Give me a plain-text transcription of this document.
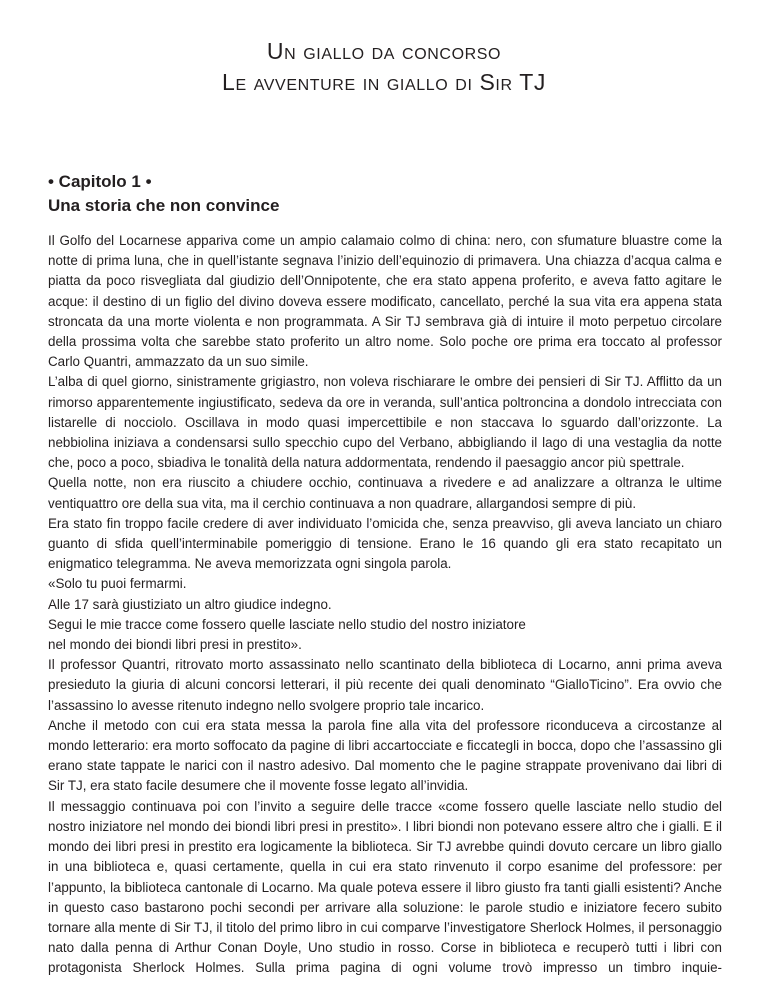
Un giallo da concorso
Le avventure in giallo di Sir TJ
• Capitolo 1 •
Una storia che non convince

Il Golfo del Locarnese appariva come un ampio calamaio colmo di china: nero, con sfumature bluastre come la notte di prima luna, che in quell’istante segnava l’inizio dell’equinozio di primavera. Una chiazza d’acqua calma e piatta da poco risvegliata dal giudizio dell’Onnipotente, che era stato appena proferito, e aveva fatto agitare le acque: il destino di un figlio del divino doveva essere modificato, cancellato, perché la sua vita era appena stata stroncata da una morte violenta e non programmata. A Sir TJ sembrava già di intuire il moto perpetuo circolare della prossima volta che sarebbe stato proferito un altro nome. Solo poche ore prima era toccato al professor Carlo Quantri, ammazzato da un suo simile.

L’alba di quel giorno, sinistramente grigiastro, non voleva rischiarare le ombre dei pensieri di Sir TJ. Afflitto da un rimorso apparentemente ingiustificato, sedeva da ore in veranda, sull’antica poltroncina a dondolo intrecciata con listarelle di nocciolo. Oscillava in modo quasi impercettibile e non staccava lo sguardo dall’orizzonte. La nebbiolina iniziava a condensarsi sullo specchio cupo del Verbano, abbigliando il lago di una vestaglia da notte che, poco a poco, sbiadiva le tonalità della natura addormentata, rendendo il paesaggio ancor più spettrale.

Quella notte, non era riuscito a chiudere occhio, continuava a rivedere e ad analizzare a oltranza le ultime ventiquattro ore della sua vita, ma il cerchio continuava a non quadrare, allargandosi sempre di più.

Era stato fin troppo facile credere di aver individuato l’omicida che, senza preavviso, gli aveva lanciato un chiaro guanto di sfida quell’interminabile pomeriggio di tensione. Erano le 16 quando gli era stato recapitato un enigmatico telegramma. Ne aveva memorizzata ogni singola parola.

«Solo tu puoi fermarmi.

Alle 17 sarà giustiziato un altro giudice indegno.

Segui le mie tracce come fossero quelle lasciate nello studio del nostro iniziatore

nel mondo dei biondi libri presi in prestito».

Il professor Quantri, ritrovato morto assassinato nello scantinato della biblioteca di Locarno, anni prima aveva presieduto la giuria di alcuni concorsi letterari, il più recente dei quali denominato “GialloTicino”. Era ovvio che l’assassino lo avesse ritenuto indegno nello svolgere proprio tale incarico.

Anche il metodo con cui era stata messa la parola fine alla vita del professore riconduceva a circostanze al mondo letterario: era morto soffocato da pagine di libri accartocciate e ficcategli in bocca, dopo che l’assassino gli erano state tappate le narici con il nastro adesivo. Dal momento che le pagine strappate provenivano dai libri di Sir TJ, era stato facile desumere che il movente fosse legato all’invidia.

Il messaggio continuava poi con l’invito a seguire delle tracce «come fossero quelle lasciate nello studio del nostro iniziatore nel mondo dei biondi libri presi in prestito». I libri biondi non potevano essere altro che i gialli. E il mondo dei libri presi in prestito era logicamente la biblioteca. Sir TJ avrebbe quindi dovuto cercare un libro giallo in una biblioteca e, quasi certamente, quella in cui era stato rinvenuto il corpo esanime del professore: per l’appunto, la biblioteca cantonale di Locarno. Ma quale poteva essere il libro giusto fra tanti gialli esistenti? Anche in questo caso bastarono pochi secondi per arrivare alla soluzione: le parole studio e iniziatore fecero subito tornare alla mente di Sir TJ, il titolo del primo libro in cui comparve l’investigatore Sherlock Holmes, il personaggio nato dalla penna di Arthur Conan Doyle, Uno studio in rosso. Corse in biblioteca e recuperò tutti i libri con protagonista Sherlock Holmes. Sulla prima pagina di ogni volume trovò impresso un timbro inquie-
